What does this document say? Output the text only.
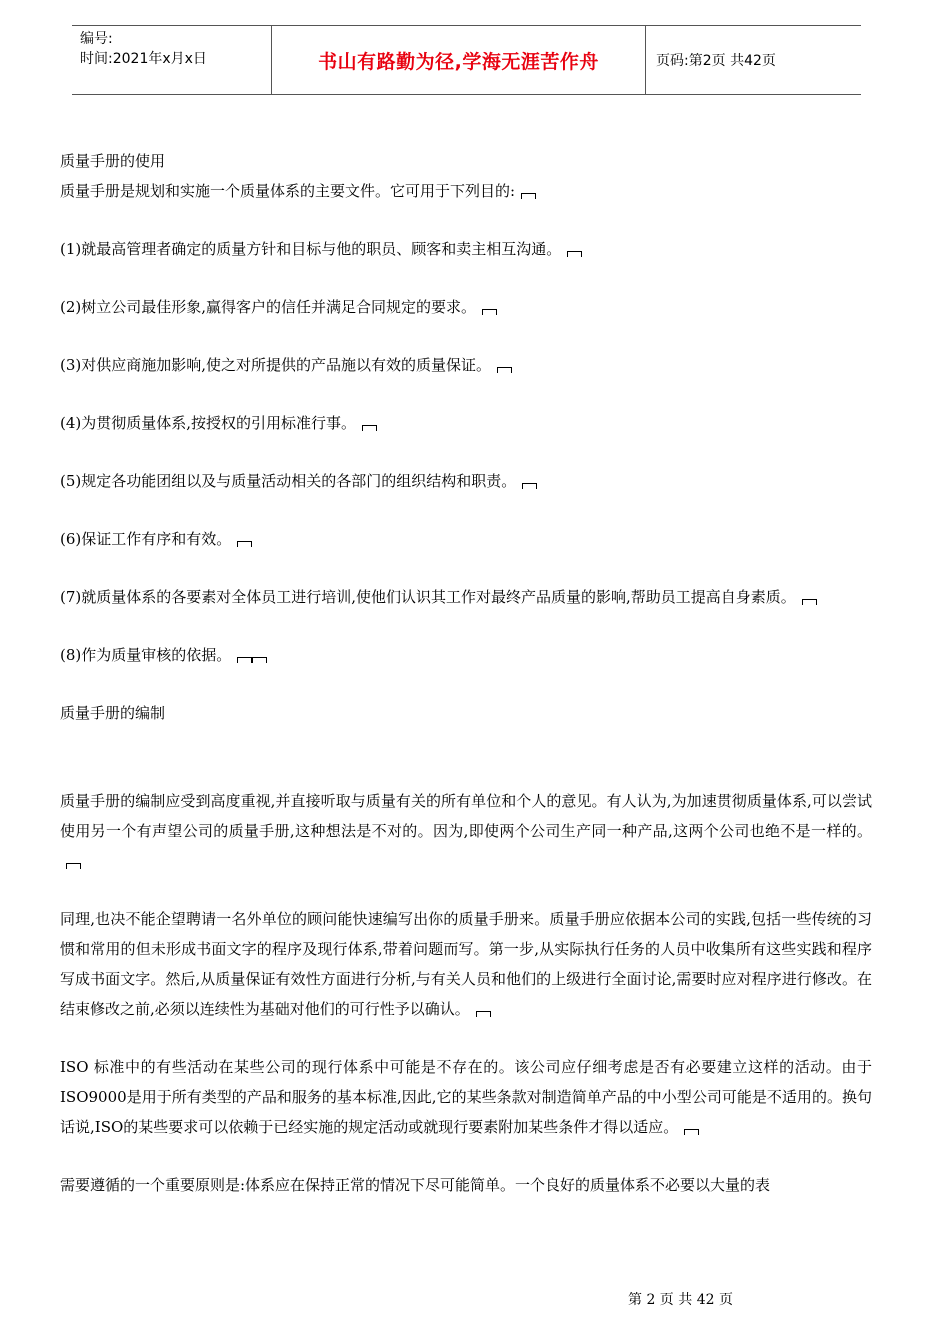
编号:
时间:2021年x月x日	书山有路勤为径,学海无涯苦作舟	页码:第2页 共42页

质量手册的使用

质量手册是规划和实施一个质量体系的主要文件。它可用于下列目的:

(1)就最高管理者确定的质量方针和目标与他的职员、顾客和卖主相互沟通。

(2)树立公司最佳形象,赢得客户的信任并满足合同规定的要求。

(3)对供应商施加影响,使之对所提供的产品施以有效的质量保证。

(4)为贯彻质量体系,按授权的引用标准行事。

(5)规定各功能团组以及与质量活动相关的各部门的组织结构和职责。

(6)保证工作有序和有效。

(7)就质量体系的各要素对全体员工进行培训,使他们认识其工作对最终产品质量的影响,帮助员工提高自身素质。

(8)作为质量审核的依据。

质量手册的编制

质量手册的编制应受到高度重视,并直接听取与质量有关的所有单位和个人的意见。有人认为,为加速贯彻质量体系,可以尝试使用另一个有声望公司的质量手册,这种想法是不对的。因为,即使两个公司生产同一种产品,这两个公司也绝不是一样的。

同理,也决不能企望聘请一名外单位的顾问能快速编写出你的质量手册来。质量手册应依据本公司的实践,包括一些传统的习惯和常用的但未形成书面文字的程序及现行体系,带着问题而写。第一步,从实际执行任务的人员中收集所有这些实践和程序写成书面文字。然后,从质量保证有效性方面进行分析,与有关人员和他们的上级进行全面讨论,需要时应对程序进行修改。在结束修改之前,必须以连续性为基础对他们的可行性予以确认。

ISO 标准中的有些活动在某些公司的现行体系中可能是不存在的。该公司应仔细考虑是否有必要建立这样的活动。由于ISO9000是用于所有类型的产品和服务的基本标准,因此,它的某些条款对制造简单产品的中小型公司可能是不适用的。换句话说,ISO的某些要求可以依赖于已经实施的规定活动或就现行要素附加某些条件才得以适应。

需要遵循的一个重要原则是:体系应在保持正常的情况下尽可能简单。一个良好的质量体系不必要以大量的表

第 2 页 共 42 页
